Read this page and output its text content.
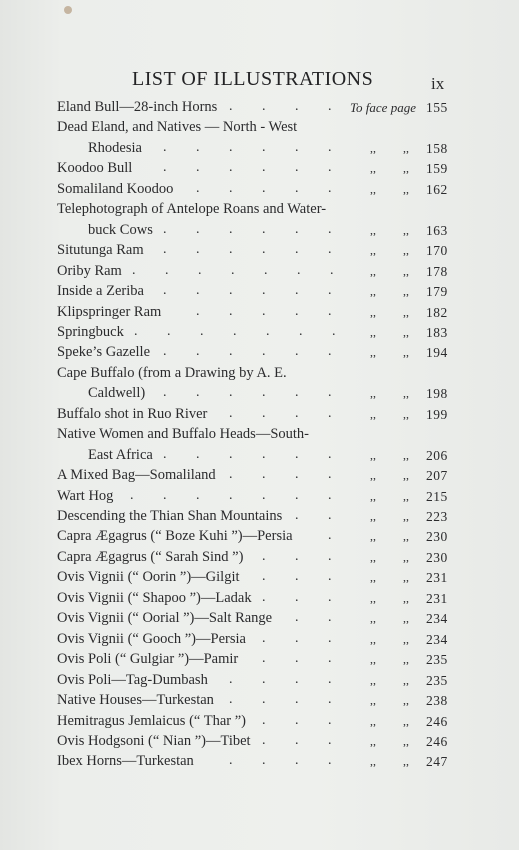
LIST OF ILLUSTRATIONS	ix
Eland Bull—28-inch Horns . . . . To face page 155
Dead Eland, and Natives — North - West
Rhodesia . . . . . .	,, ,, 158
Koodoo Bull . . . . . .	,, ,, 159
Somaliland Koodoo . . . . .	,, ,, 162
Telephotograph of Antelope Roans and Water-
buck Cows . . . . . .	,, ,, 163
Situtunga Ram . . . . . .	,, ,, 170
Oriby Ram . . . . . . .	,, ,, 178
Inside a Zeriba . . . . . .	,, ,, 179
Klipspringer Ram . . . . .	,, ,, 182
Springbuck . . . . . . .	,, ,, 183
Speke’s Gazelle . . . . . .	,, ,, 194
Cape Buffalo (from a Drawing by A. E.
Caldwell) . . . . . .	,, ,, 198
Buffalo shot in Ruo River . . . .	,, ,, 199
Native Women and Buffalo Heads—South-
East Africa . . . . . .	,, ,, 206
A Mixed Bag—Somaliland . . . .	,, ,, 207
Wart Hog . . . . . . .	,, ,, 215
Descending the Thian Shan Mountains . .	,, ,, 223
Capra Ægagrus (“ Boze Kuhi ”)—Persia	.	,, ,, 230
Capra Ægagrus (“ Sarah Sind ”) . . .	,, ,, 230
Ovis Vignii (“ Oorin ”)—Gilgit . . .	,, ,, 231
Ovis Vignii (“ Shapoo ”)—Ladak . . .	,, ,, 231
Ovis Vignii (“ Oorial ”)—Salt Range . .	,, ,, 234
Ovis Vignii (“ Gooch ”)—Persia . . .	,, ,, 234
Ovis Poli (“ Gulgiar ”)—Pamir . . .	,, ,, 235
Ovis Poli—Tag-Dumbash . . . .	,, ,, 235
Native Houses—Turkestan . . . .	,, ,, 238
Hemitragus Jemlaicus (“ Thar ”) . . .	,, ,, 246
Ovis Hodgsoni (“ Nian ”)—Tibet . . .	,, ,, 246
Ibex Horns—Turkestan	. . . .	,, ,, 247
